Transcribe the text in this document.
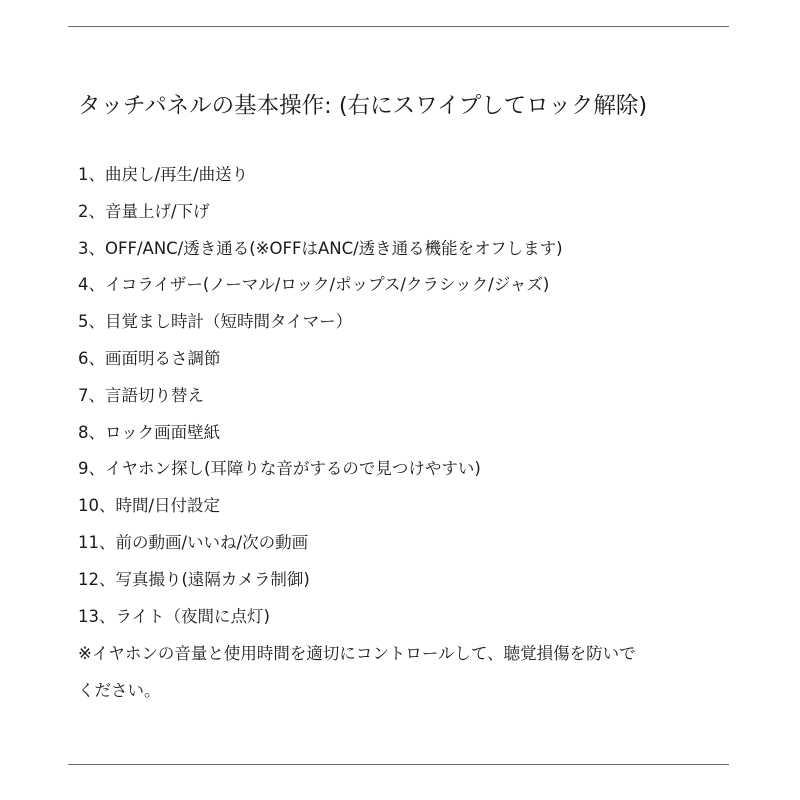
タッチパネルの基本操作: (右にスワイプしてロック解除)
1、曲戻し/再生/曲送り
2、音量上げ/下げ
3、OFF/ANC/透き通る(※OFFはANC/透き通る機能をオフします)
4、イコライザー(ノーマル/ロック/ポップス/クラシック/ジャズ)
5、目覚まし時計（短時間タイマー）
6、画面明るさ調節
7、言語切り替え
8、ロック画面壁紙
9、イヤホン探し(耳障りな音がするので見つけやすい)
10、時間/日付設定
11、前の動画/いいね/次の動画
12、写真撮り(遠隔カメラ制御)
13、ライト（夜間に点灯)

※イヤホンの音量と使用時間を適切にコントロールして、聴覚損傷を防いで
ください。
